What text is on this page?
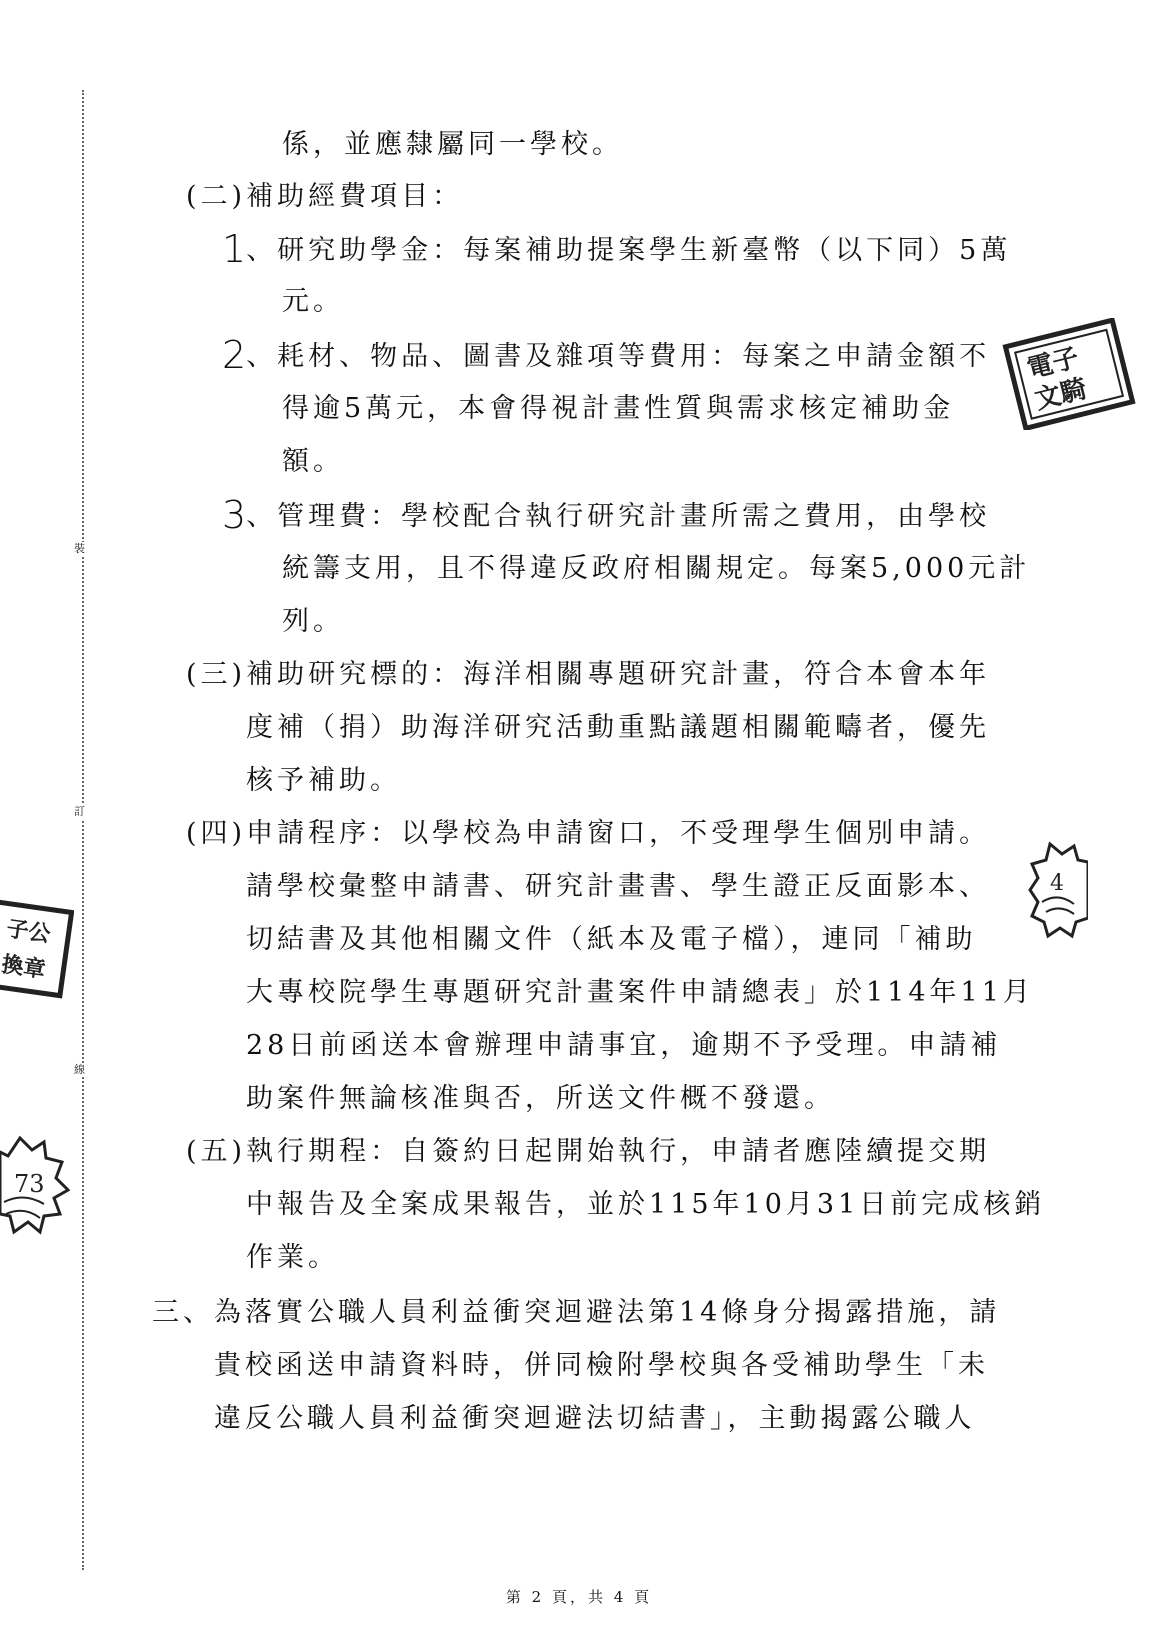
裝
訂
線
係，並應隸屬同一學校。
(二)補助經費項目：
1、研究助學金：每案補助提案學生新臺幣（以下同）5萬
元。
2、耗材、物品、圖書及雜項等費用：每案之申請金額不
得逾5萬元，本會得視計畫性質與需求核定補助金
額。
3、管理費：學校配合執行研究計畫所需之費用，由學校
統籌支用，且不得違反政府相關規定。每案5,000元計
列。
(三)補助研究標的：海洋相關專題研究計畫，符合本會本年
度補（捐）助海洋研究活動重點議題相關範疇者，優先
核予補助。
(四)申請程序：以學校為申請窗口，不受理學生個別申請。
請學校彙整申請書、研究計畫書、學生證正反面影本、
切結書及其他相關文件（紙本及電子檔），連同「補助
大專校院學生專題研究計畫案件申請總表」於114年11月
28日前函送本會辦理申請事宜，逾期不予受理。申請補
助案件無論核准與否，所送文件概不發還。
(五)執行期程：自簽約日起開始執行，申請者應陸續提交期
中報告及全案成果報告，並於115年10月31日前完成核銷
作業。
三、為落實公職人員利益衝突迴避法第14條身分揭露措施，請
貴校函送申請資料時，併同檢附學校與各受補助學生「未
違反公職人員利益衝突迴避法切結書」，主動揭露公職人
第 2 頁，共 4 頁
電子
文騎
4
子公
換章
73
